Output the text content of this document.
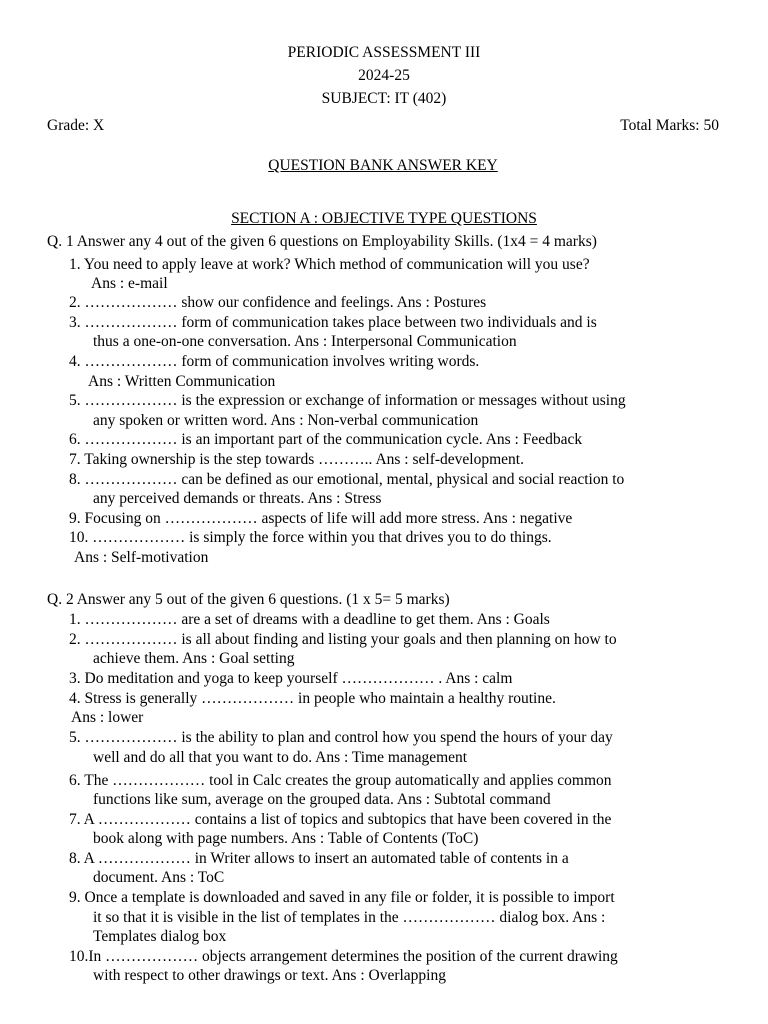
PERIODIC ASSESSMENT III
2024-25
SUBJECT: IT (402)
Grade: X	Total Marks: 50
QUESTION BANK ANSWER KEY
SECTION A : OBJECTIVE TYPE QUESTIONS
Q. 1 Answer any 4 out of the given 6 questions on Employability Skills. (1x4 = 4 marks)
1. You need to apply leave at work? Which method of communication will you use?
Ans : e-mail
2. ……………… show our confidence and feelings. Ans : Postures
3. ……………… form of communication takes place between two individuals and is
thus a one-on-one conversation. Ans : Interpersonal Communication
4. ……………… form of communication involves writing words.
Ans : Written Communication
5. ……………… is the expression or exchange of information or messages without using
any spoken or written word. Ans : Non-verbal communication
6. ……………… is an important part of the communication cycle. Ans : Feedback
7. Taking ownership is the step towards ……….. Ans : self-development.
8. ……………… can be defined as our emotional, mental, physical and social reaction to
any perceived demands or threats. Ans : Stress
9. Focusing on ……………… aspects of life will add more stress. Ans : negative
10. ……………… is simply the force within you that drives you to do things.
Ans : Self-motivation
Q. 2 Answer any 5 out of the given 6 questions. (1 x 5= 5 marks)
1. ……………… are a set of dreams with a deadline to get them. Ans : Goals
2. ……………… is all about finding and listing your goals and then planning on how to
achieve them. Ans : Goal setting
3. Do meditation and yoga to keep yourself ……………… . Ans : calm
4. Stress is generally ……………… in people who maintain a healthy routine.
Ans : lower
5. ……………… is the ability to plan and control how you spend the hours of your day
well and do all that you want to do. Ans : Time management
6. The ……………… tool in Calc creates the group automatically and applies common
functions like sum, average on the grouped data. Ans : Subtotal command
7. A ……………… contains a list of topics and subtopics that have been covered in the
book along with page numbers. Ans : Table of Contents (ToC)
8. A ……………… in Writer allows to insert an automated table of contents in a
document. Ans : ToC
9. Once a template is downloaded and saved in any file or folder, it is possible to import
it so that it is visible in the list of templates in the ……………… dialog box. Ans :
Templates dialog box
10.In ……………… objects arrangement determines the position of the current drawing
with respect to other drawings or text. Ans : Overlapping
